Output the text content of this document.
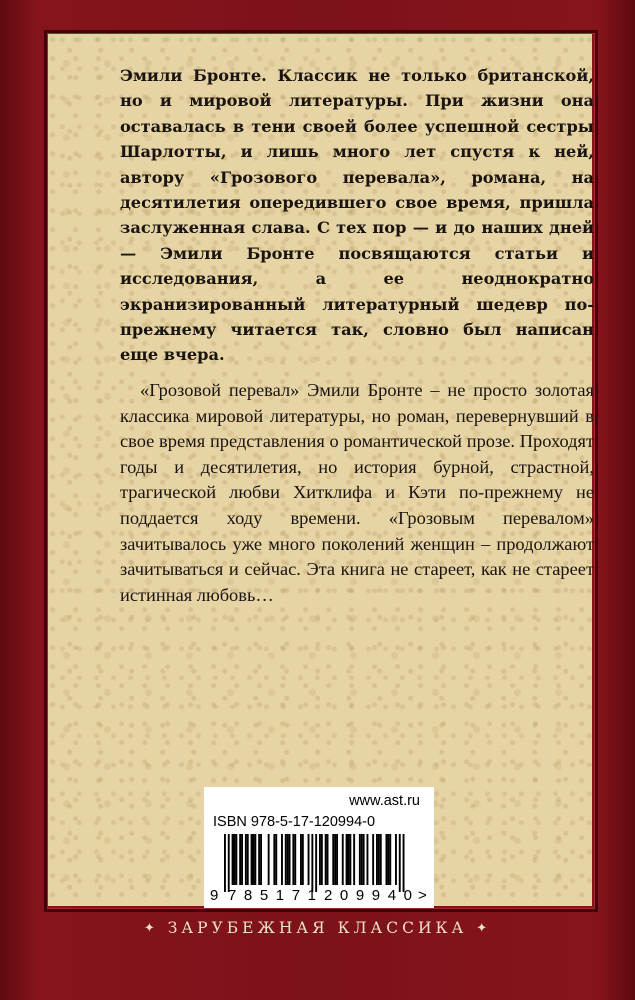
Эмили Бронте. Классик не только британской, но и мировой литературы. При жизни она оставалась в тени своей более успешной сестры Шарлотты, и лишь много лет спустя к ней, автору «Грозового перевала», романа, на десятилетия опередившего свое время, пришла заслуженная слава. С тех пор — и до наших дней — Эмили Бронте посвящаются статьи и исследования, а ее неоднократно экранизированный литературный шедевр по-прежнему читается так, словно был написан еще вчера.

«Грозовой перевал» Эмили Бронте – не просто золотая классика мировой литературы, но роман, перевернувший в свое время представления о романтической прозе. Проходят годы и десятилетия, но история бурной, страстной, трагической любви Хитклифа и Кэти по-прежнему не поддается ходу времени. «Грозовым перевалом» зачитывалось уже много поколений женщин – продолжают зачитываться и сейчас. Эта книга не стареет, как не стареет истинная любовь…

www.ast.ru
ISBN 978-5-17-120994-0
9 785171 209940 >
✦ ЗАРУБЕЖНАЯ КЛАССИКА ✦
